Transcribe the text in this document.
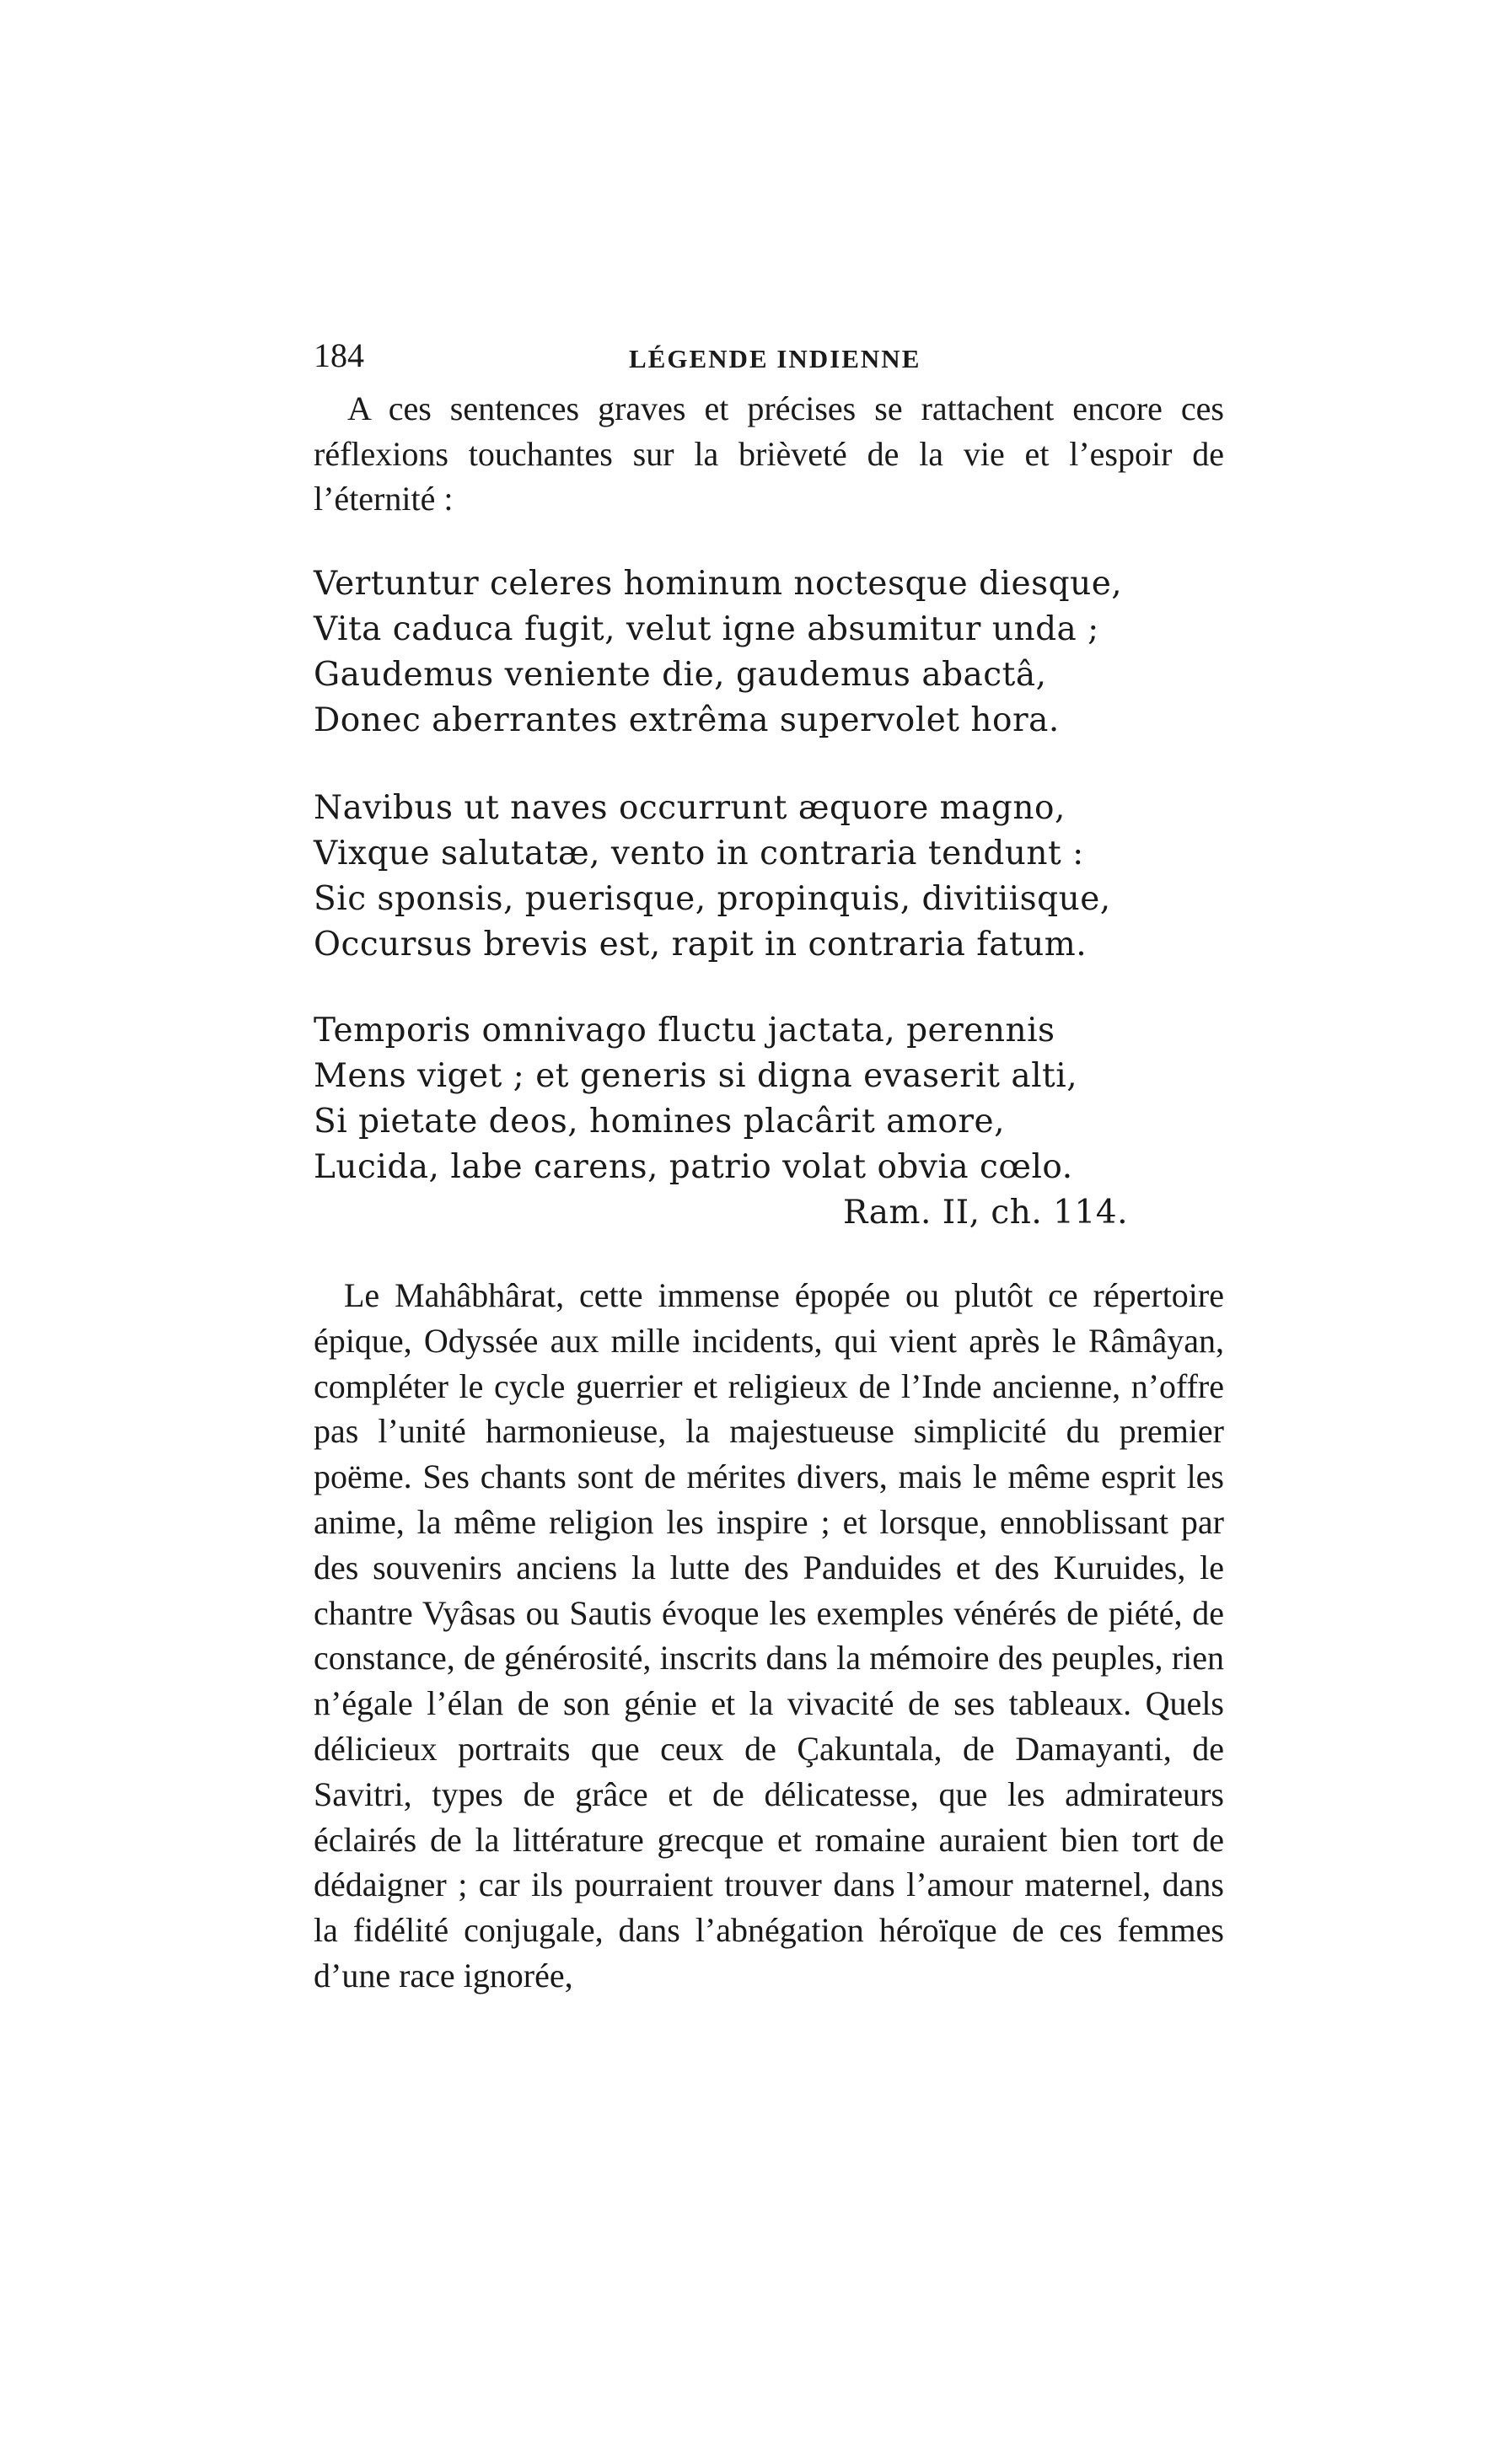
184	LÉGENDE INDIENNE

A ces sentences graves et précises se rattachent encore ces réflexions touchantes sur la brièveté de la vie et l’espoir de l’éternité :

Vertuntur celeres hominum noctesque diesque,
Vita caduca fugit, velut igne absumitur unda ;
Gaudemus veniente die, gaudemus abactâ,
Donec aberrantes extrêma supervolet hora.
Navibus ut naves occurrunt æquore magno,
Vixque salutatæ, vento in contraria tendunt :
Sic sponsis, puerisque, propinquis, divitiisque,
Occursus brevis est, rapit in contraria fatum.
Temporis omnivago fluctu jactata, perennis
Mens viget ; et generis si digna evaserit alti,
Si pietate deos, homines placârit amore,
Lucida, labe carens, patrio volat obvia cœlo.
Ram. II, ch. 114.

Le Mahâbhârat, cette immense épopée ou plutôt ce répertoire épique, Odyssée aux mille incidents, qui vient après le Râmâyan, compléter le cycle guerrier et religieux de l’Inde ancienne, n’offre pas l’unité harmonieuse, la majestueuse simplicité du premier poëme. Ses chants sont de mérites divers, mais le même esprit les anime, la même religion les inspire ; et lorsque, ennoblissant par des souvenirs anciens la lutte des Panduides et des Kuruides, le chantre Vyâsas ou Sautis évoque les exemples vénérés de piété, de constance, de générosité, inscrits dans la mémoire des peuples, rien n’égale l’élan de son génie et la vivacité de ses tableaux. Quels délicieux portraits que ceux de Çakuntala, de Damayanti, de Savitri, types de grâce et de délicatesse, que les admirateurs éclairés de la littérature grecque et romaine auraient bien tort de dédaigner ; car ils pourraient trouver dans l’amour maternel, dans la fidélité conjugale, dans l’abnégation héroïque de ces femmes d’une race ignorée,
